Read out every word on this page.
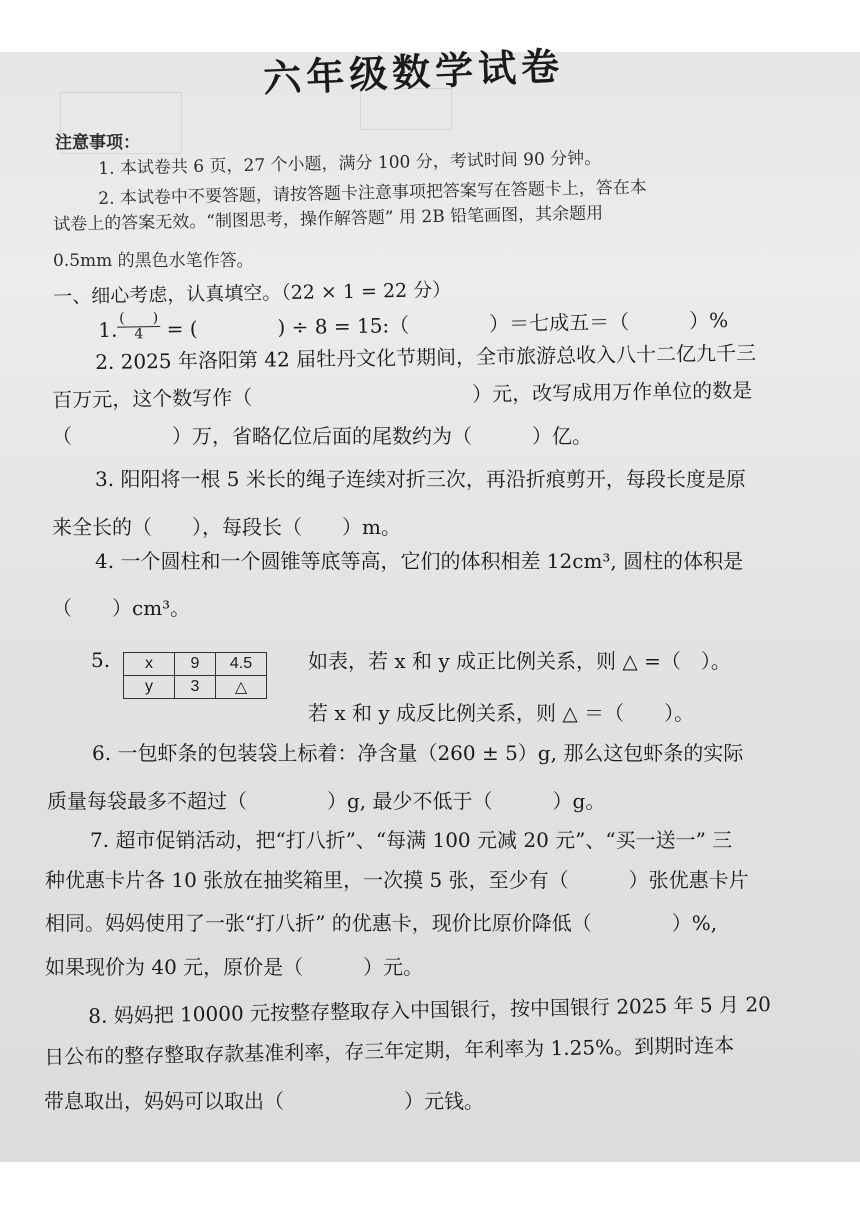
六年级数学试卷
注意事项：
1. 本试卷共 6 页，27 个小题，满分 100 分，考试时间 90 分钟。
2. 本试卷中不要答题，请按答题卡注意事项把答案写在答题卡上，答在本
试卷上的答案无效。“制图思考，操作解答题” 用 2B 铅笔画图，其余题用
0.5mm 的黑色水笔作答。
一、细心考虑，认真填空。（22 × 1 = 22 分）
1. $\frac{( )}{4}$ = (　　　　) ÷ 8 = 15:（　　　　）＝七成五＝（　　　）%
2. 2025 年洛阳第 42 届牡丹文化节期间，全市旅游总收入八十二亿九千三
百万元，这个数写作（　　　　　　　　　　　）元，改写成用万作单位的数是
（　　　　　）万，省略亿位后面的尾数约为（　　　）亿。
3. 阳阳将一根 5 米长的绳子连续对折三次，再沿折痕剪开，每段长度是原
来全长的（　　），每段长（　　）m。
4. 一个圆柱和一个圆锥等底等高，它们的体积相差 12cm³, 圆柱的体积是
（　　）cm³。
5. x	9	4.5
y	3	△
如表，若 x 和 y 成正比例关系，则 △ =（　）。
若 x 和 y 成反比例关系，则 △ ＝（　　）。
6. 一包虾条的包装袋上标着：净含量（260 ± 5）g, 那么这包虾条的实际
质量每袋最多不超过（　　　　）g, 最少不低于（　　　）g。
7. 超市促销活动，把“打八折”、“每满 100 元减 20 元”、“买一送一” 三
种优惠卡片各 10 张放在抽奖箱里，一次摸 5 张，至少有（　　　）张优惠卡片
相同。妈妈使用了一张“打八折” 的优惠卡，现价比原价降低（　　　　）%,
如果现价为 40 元，原价是（　　　）元。
8. 妈妈把 10000 元按整存整取存入中国银行，按中国银行 2025 年 5 月 20
日公布的整存整取存款基准利率，存三年定期，年利率为 1.25%。到期时连本
带息取出，妈妈可以取出（　　　　　　）元钱。
